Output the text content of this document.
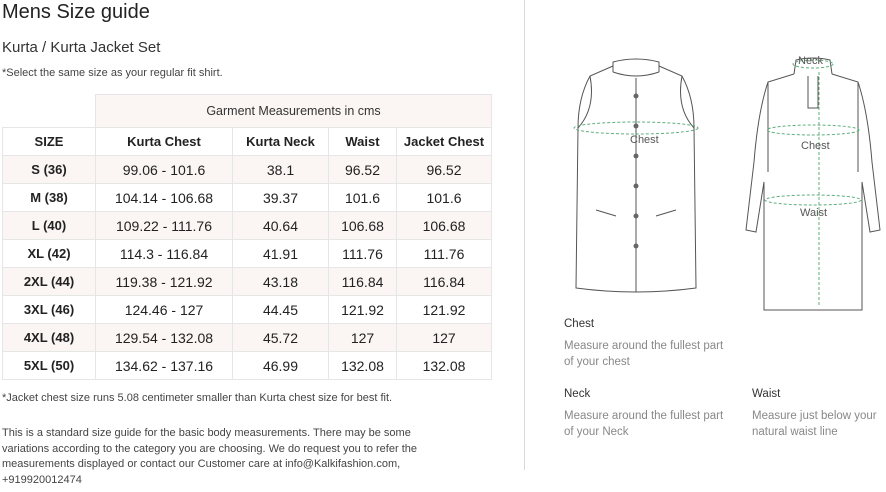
Mens Size guide
Kurta / Kurta Jacket Set
*Select the same size as your regular fit shirt.
	Garment Measurements in cms			
SIZE	Kurta Chest	Kurta Neck	Waist	Jacket Chest
S (36)	99.06 - 101.6	38.1	96.52	96.52
M (38)	104.14 - 106.68	39.37	101.6	101.6
L (40)	109.22 - 111.76	40.64	106.68	106.68
XL (42)	114.3 - 116.84	41.91	111.76	111.76
2XL (44)	119.38 - 121.92	43.18	116.84	116.84
3XL (46)	124.46 - 127	44.45	121.92	121.92
4XL (48)	129.54 - 132.08	45.72	127	127
5XL (50)	134.62 - 137.16	46.99	132.08	132.08
*Jacket chest size runs 5.08 centimeter smaller than Kurta chest size for best fit.
This is a standard size guide for the basic body measurements. There may be some variations according to the category you are choosing. We do request you to refer the measurements displayed or contact our Customer care at info@Kalkifashion.com, +919920012474
Chest
Neck
Chest
Waist
Chest
Measure around the fullest part of your chest
Neck
Measure around the fullest part of your Neck
Waist
Measure just below your natural waist line
